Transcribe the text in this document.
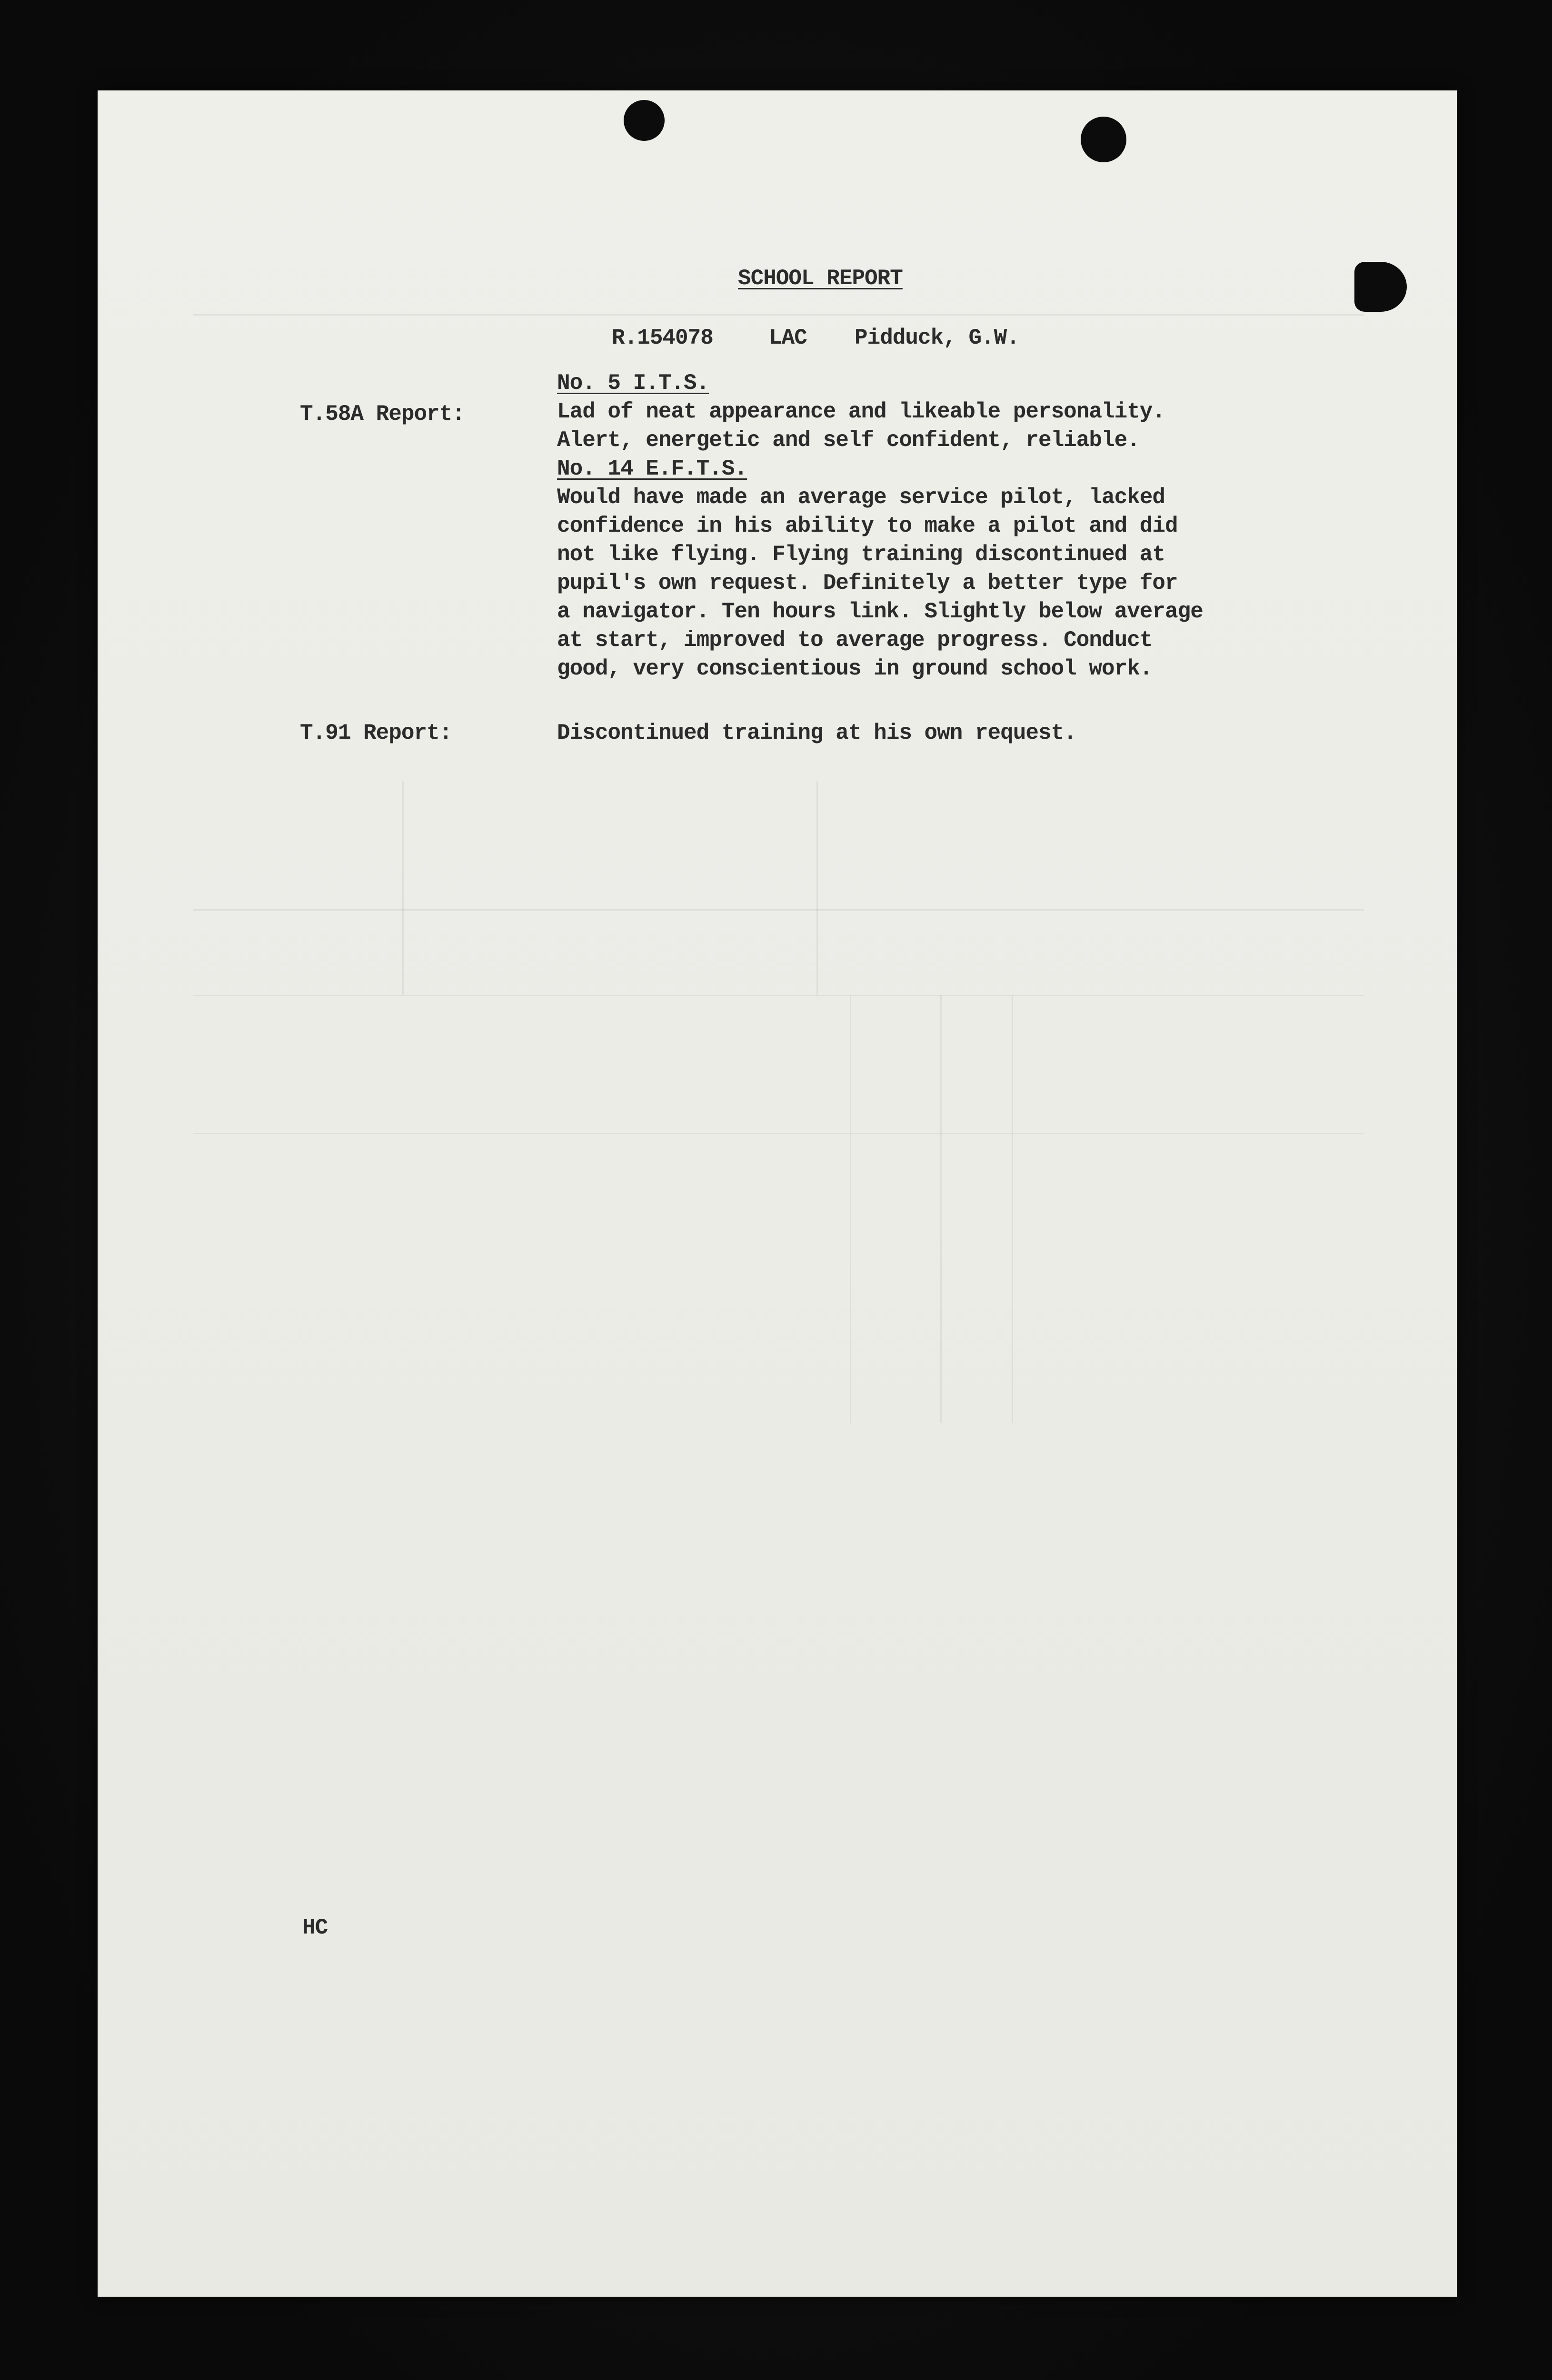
SCHOOL REPORT
R.154078	LAC Pidduck, G.W.
T.58A Report:
No. 5 I.T.S.
Lad of neat appearance and likeable personality.
Alert, energetic and self confident, reliable.
No. 14 E.F.T.S.
Would have made an average service pilot, lacked
confidence in his ability to make a pilot and did
not like flying. Flying training discontinued at
pupil's own request. Definitely a better type for
a navigator. Ten hours link. Slightly below average
at start, improved to average progress. Conduct
good, very conscientious in ground school work.
T.91 Report:	Discontinued training at his own request.
HC
